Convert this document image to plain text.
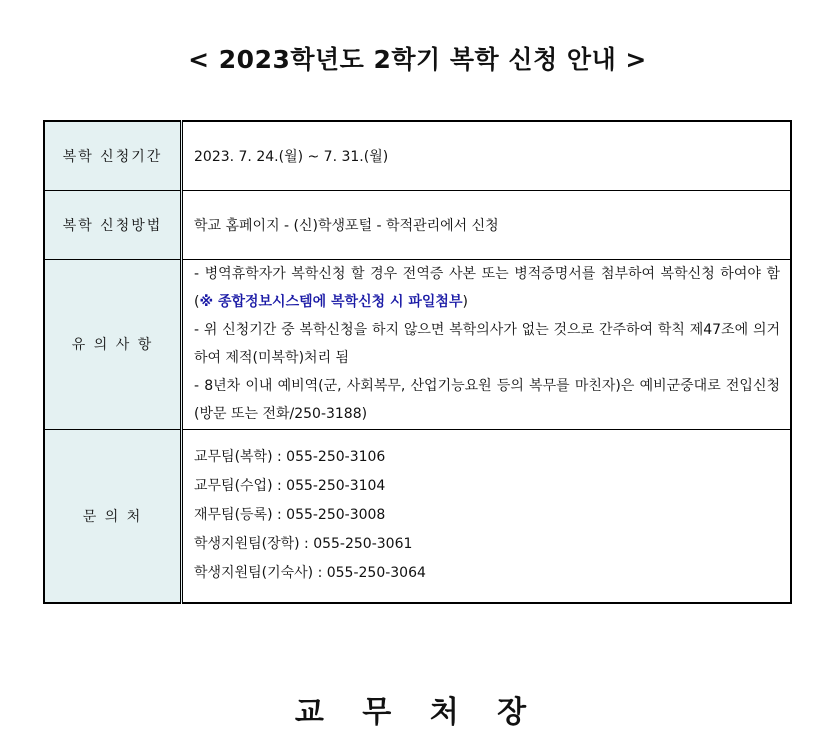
< 2023학년도 2학기 복학 신청 안내 >
복학 신청기간	2023. 7. 24.(월) ~ 7. 31.(월)
복학 신청방법	학교 홈페이지 - (신)학생포털 - 학적관리에서 신청
유 의 사 항	- 병역휴학자가 복학신청 할 경우 전역증 사본 또는 병적증명서를 첨부하여 복학신청 하여야 함 (※ 종합정보시스템에 복학신청 시 파일첨부)

- 위 신청기간 중 복학신청을 하지 않으면 복학의사가 없는 것으로 간주하여 학칙 제47조에 의거하여 제적(미복학)처리 됨

- 8년차 이내 예비역(군, 사회복무, 산업기능요원 등의 복무를 마친자)은 예비군중대로 전입신청(방문 또는 전화/250-3188)

문 의 처	교무팀(복학) : 055-250-3106

교무팀(수업) : 055-250-3104

재무팀(등록) : 055-250-3008

학생지원팀(장학) : 055-250-3061

학생지원팀(기숙사) : 055-250-3064

교 무 처 장
